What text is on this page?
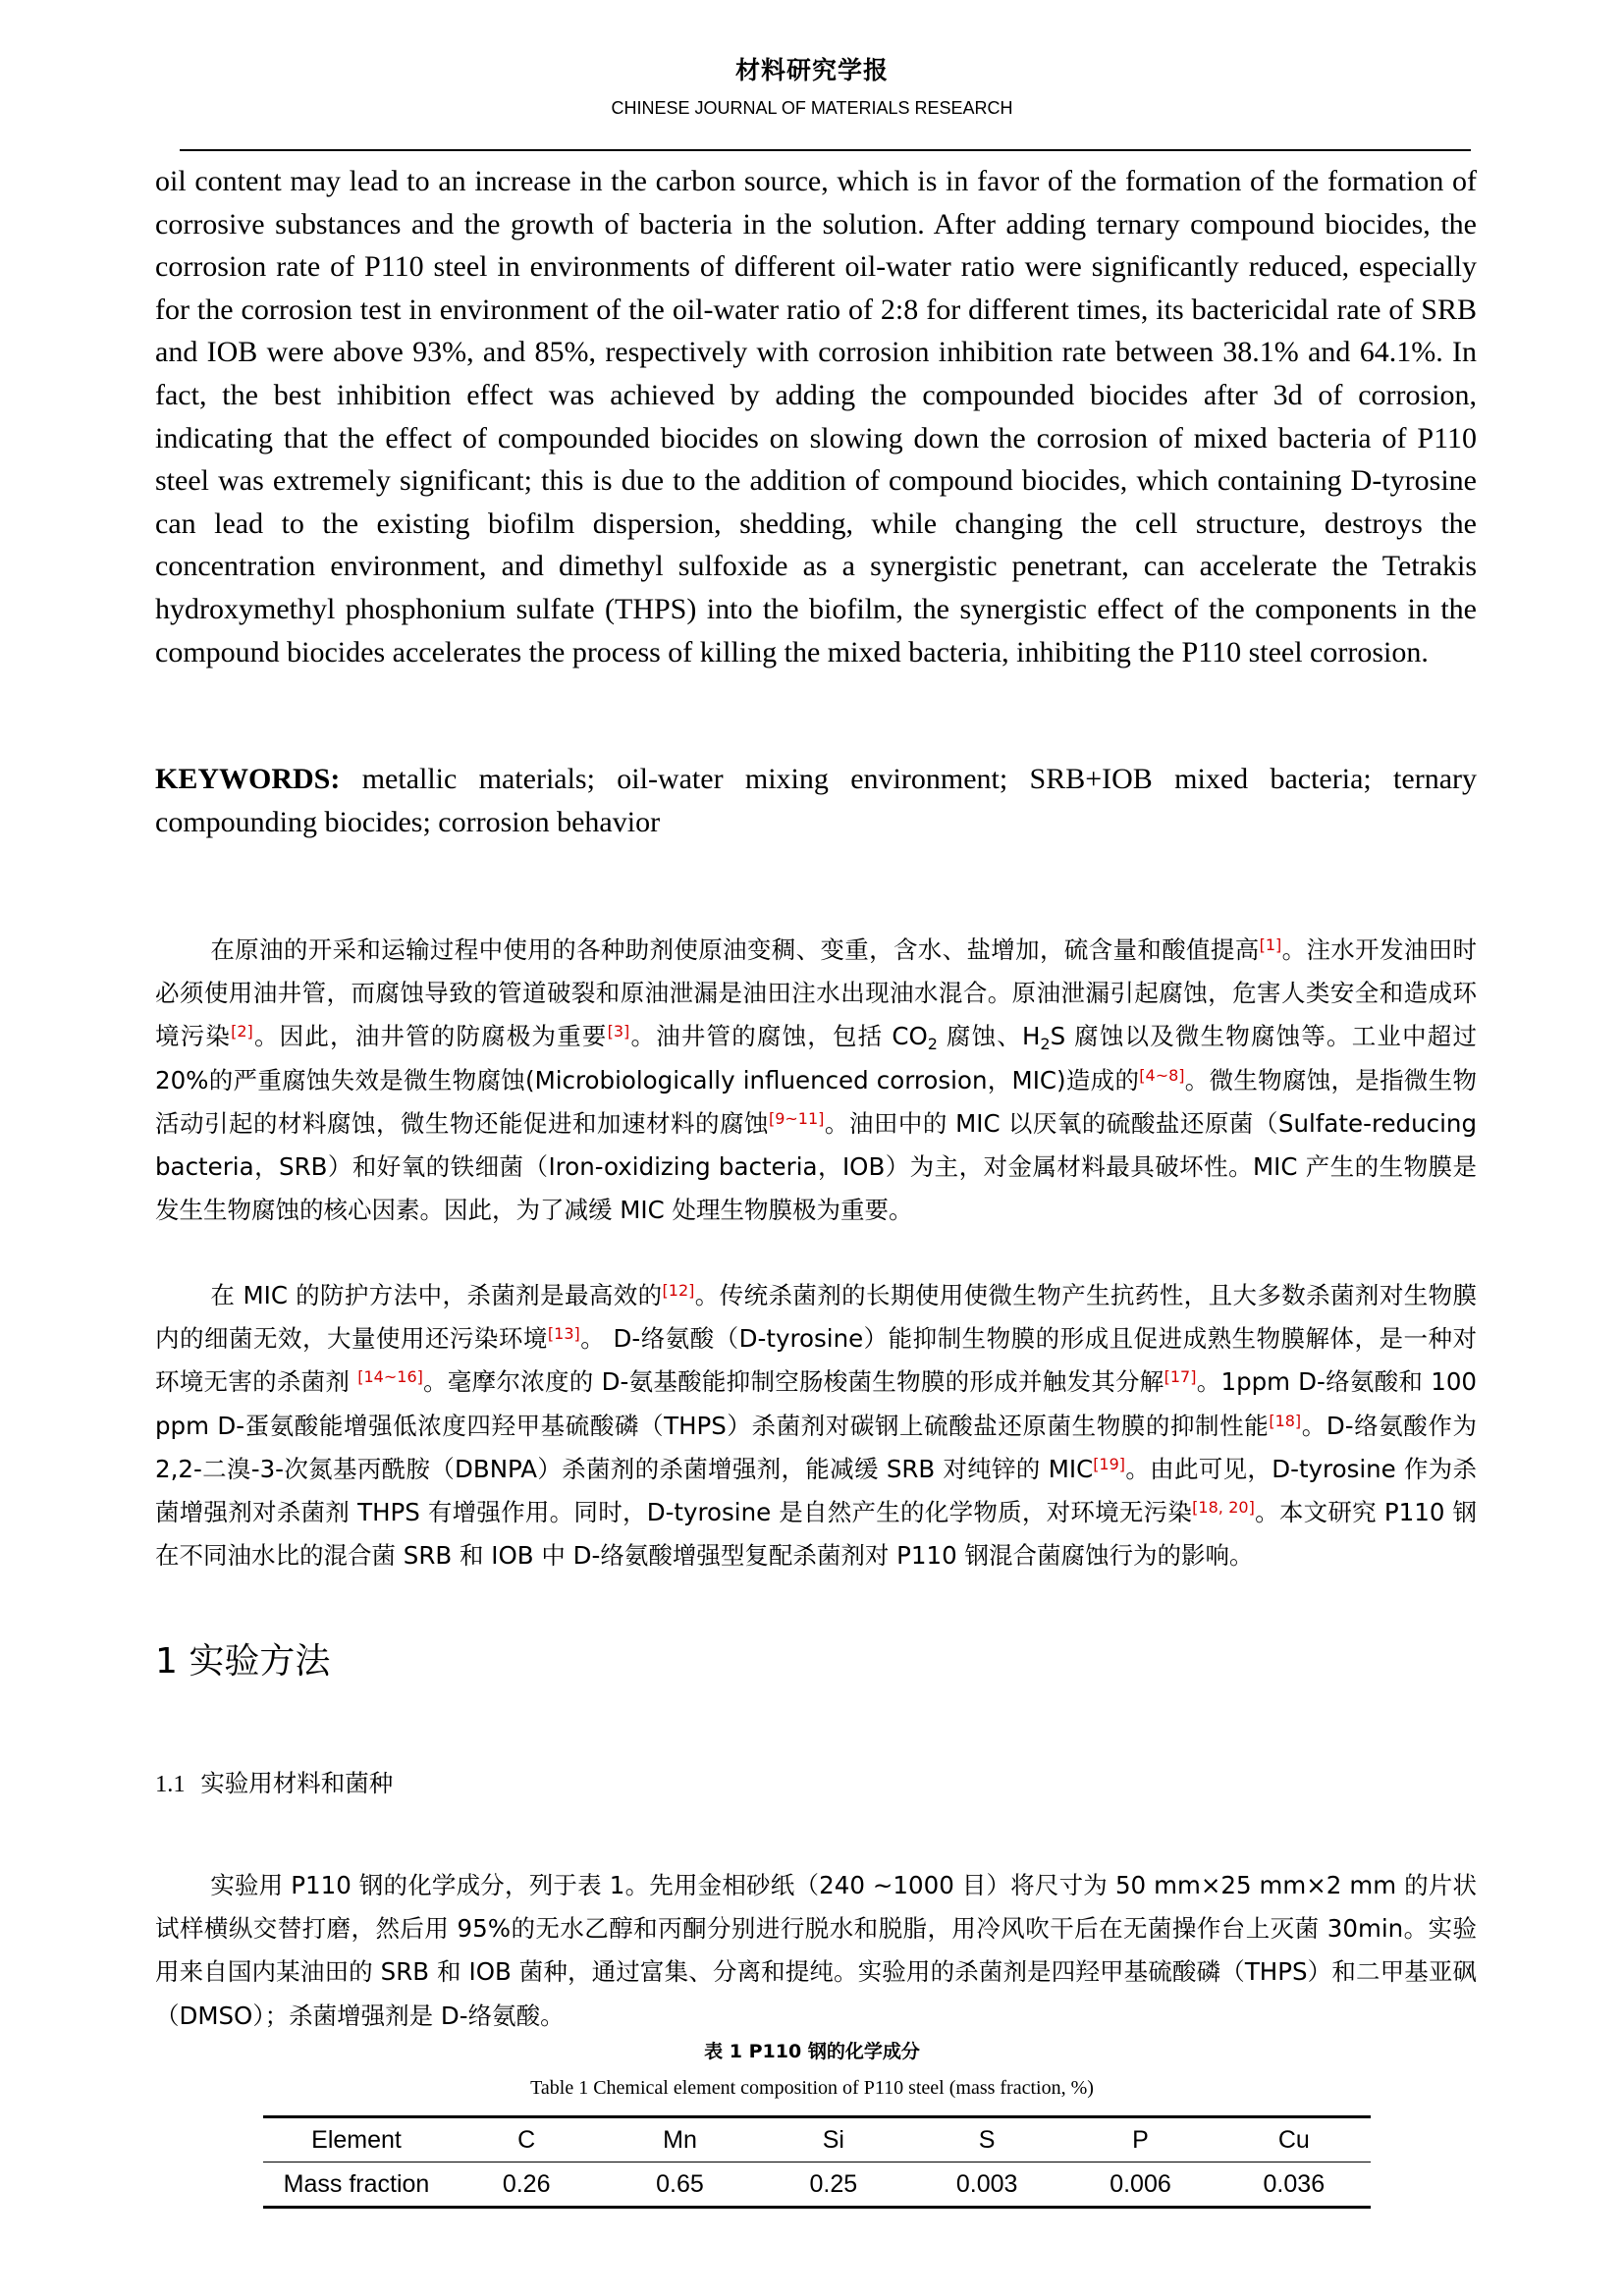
材料研究学报
CHINESE JOURNAL OF MATERIALS RESEARCH

oil content may lead to an increase in the carbon source, which is in favor of the formation of the formation of corrosive substances and the growth of bacteria in the solution. After adding ternary compound biocides, the corrosion rate of P110 steel in environments of different oil-water ratio were significantly reduced, especially for the corrosion test in environment of the oil-water ratio of 2:8 for different times, its bactericidal rate of SRB and IOB were above 93%, and 85%, respectively with corrosion inhibition rate between 38.1% and 64.1%. In fact, the best inhibition effect was achieved by adding the compounded biocides after 3d of corrosion, indicating that the effect of compounded biocides on slowing down the corrosion of mixed bacteria of P110 steel was extremely significant; this is due to the addition of compound biocides, which containing D-tyrosine can lead to the existing biofilm dispersion, shedding, while changing the cell structure, destroys the concentration environment, and dimethyl sulfoxide as a synergistic penetrant, can accelerate the Tetrakis hydroxymethyl phosphonium sulfate (THPS) into the biofilm, the synergistic effect of the components in the compound biocides accelerates the process of killing the mixed bacteria, inhibiting the P110 steel corrosion.

KEYWORDS: metallic materials; oil-water mixing environment; SRB+IOB mixed bacteria; ternary compounding biocides; corrosion behavior

在原油的开采和运输过程中使用的各种助剂使原油变稠、变重，含水、盐增加，硫含量和酸值提高[1]。注水开发油田时必须使用油井管，而腐蚀导致的管道破裂和原油泄漏是油田注水出现油水混合。原油泄漏引起腐蚀，危害人类安全和造成环境污染[2]。因此，油井管的防腐极为重要[3]。油井管的腐蚀，包括 $CO_2$ 腐蚀、$H_2S$ 腐蚀以及微生物腐蚀等。工业中超过 20%的严重腐蚀失效是微生物腐蚀(Microbiologically influenced corrosion，MIC)造成的[4~8]。微生物腐蚀，是指微生物活动引起的材料腐蚀，微生物还能促进和加速材料的腐蚀[9~11]。油田中的 MIC 以厌氧的硫酸盐还原菌（Sulfate-reducing bacteria，SRB）和好氧的铁细菌（Iron-oxidizing bacteria，IOB）为主，对金属材料最具破坏性。MIC 产生的生物膜是发生生物腐蚀的核心因素。因此，为了减缓 MIC 处理生物膜极为重要。

在 MIC 的防护方法中，杀菌剂是最高效的[12]。传统杀菌剂的长期使用使微生物产生抗药性，且大多数杀菌剂对生物膜内的细菌无效，大量使用还污染环境[13]。 D-络氨酸（D-tyrosine）能抑制生物膜的形成且促进成熟生物膜解体，是一种对环境无害的杀菌剂 [14~16]。毫摩尔浓度的 D-氨基酸能抑制空肠梭菌生物膜的形成并触发其分解[17]。1ppm D-络氨酸和 100 ppm D-蛋氨酸能增强低浓度四羟甲基硫酸磷（THPS）杀菌剂对碳钢上硫酸盐还原菌生物膜的抑制性能[18]。D-络氨酸作为 2,2-二溴-3-次氮基丙酰胺（DBNPA）杀菌剂的杀菌增强剂，能减缓 SRB 对纯锌的 MIC[19]。由此可见，D-tyrosine 作为杀菌增强剂对杀菌剂 THPS 有增强作用。同时，D-tyrosine 是自然产生的化学物质，对环境无污染[18, 20]。本文研究 P110 钢在不同油水比的混合菌 SRB 和 IOB 中 D-络氨酸增强型复配杀菌剂对 P110 钢混合菌腐蚀行为的影响。

1 实验方法
1.1 实验用材料和菌种

实验用 P110 钢的化学成分，列于表 1。先用金相砂纸（240 ~1000 目）将尺寸为 50 mm×25 mm×2 mm 的片状试样横纵交替打磨，然后用 95%的无水乙醇和丙酮分别进行脱水和脱脂，用冷风吹干后在无菌操作台上灭菌 30min。实验用来自国内某油田的 SRB 和 IOB 菌种，通过富集、分离和提纯。实验用的杀菌剂是四羟甲基硫酸磷（THPS）和二甲基亚砜（DMSO）；杀菌增强剂是 D-络氨酸。

表 1 P110 钢的化学成分
Table 1 Chemical element composition of P110 steel (mass fraction, %)
Element	C	Mn	Si	S	P	Cu
Mass fraction	0.26	0.65	0.25	0.003	0.006	0.036
